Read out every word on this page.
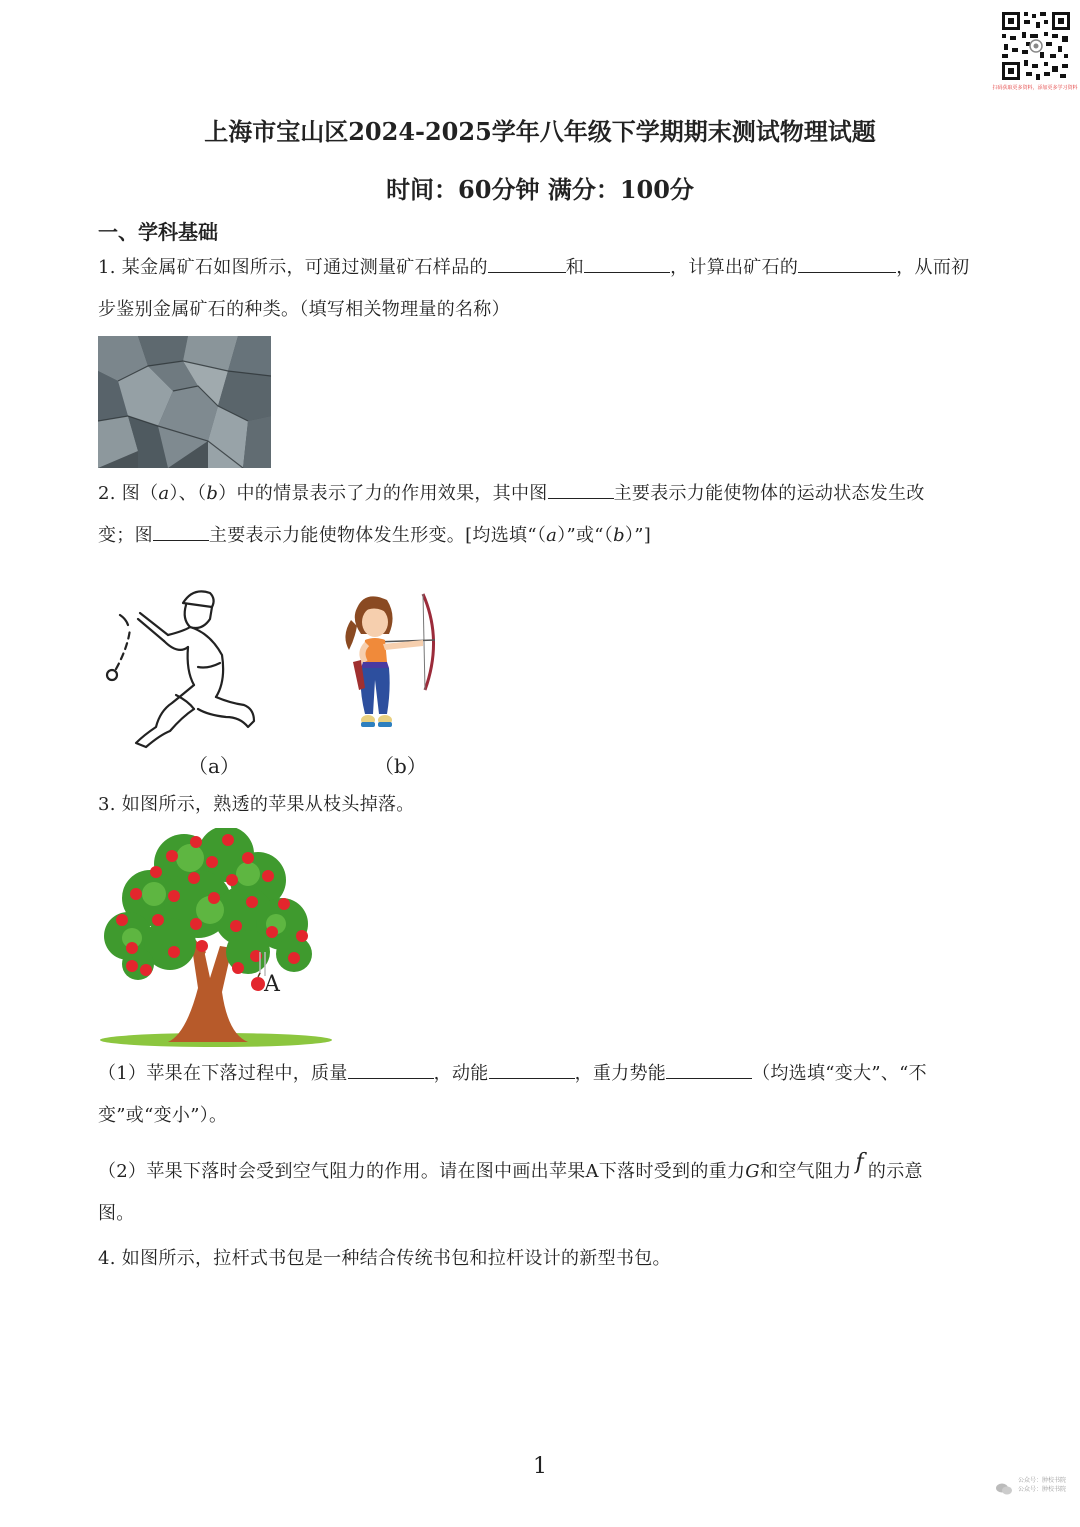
扫码获取更多资料，添加更多学习资料
上海市宝山区2024-2025学年八年级下学期期末测试物理试题
时间：60分钟 满分：100分
一、学科基础
1. 某金属矿石如图所示，可通过测量矿石样品的	和	，计算出矿石的	，从而初
步鉴别金属矿石的种类。（填写相关物理量的名称）
2. 图（a）、（b）中的情景表示了力的作用效果，其中图	主要表示力能使物体的运动状态发生改
变；图	主要表示力能使物体发生形变。[均选填“（a）”或“（b）”]
（a）	（b）
3. 如图所示，熟透的苹果从枝头掉落。
A
（1）苹果在下落过程中，质量	，动能	，重力势能	（均选填“变大”、“不
变”或“变小”）。
（2）苹果下落时会受到空气阻力的作用。请在图中画出苹果A下落时受到的重力G和空气阻力 f 的示意
图。
4. 如图所示，拉杆式书包是一种结合传统书包和拉杆设计的新型书包。
1
公众号：肿校书院
公众号：肿校书院
